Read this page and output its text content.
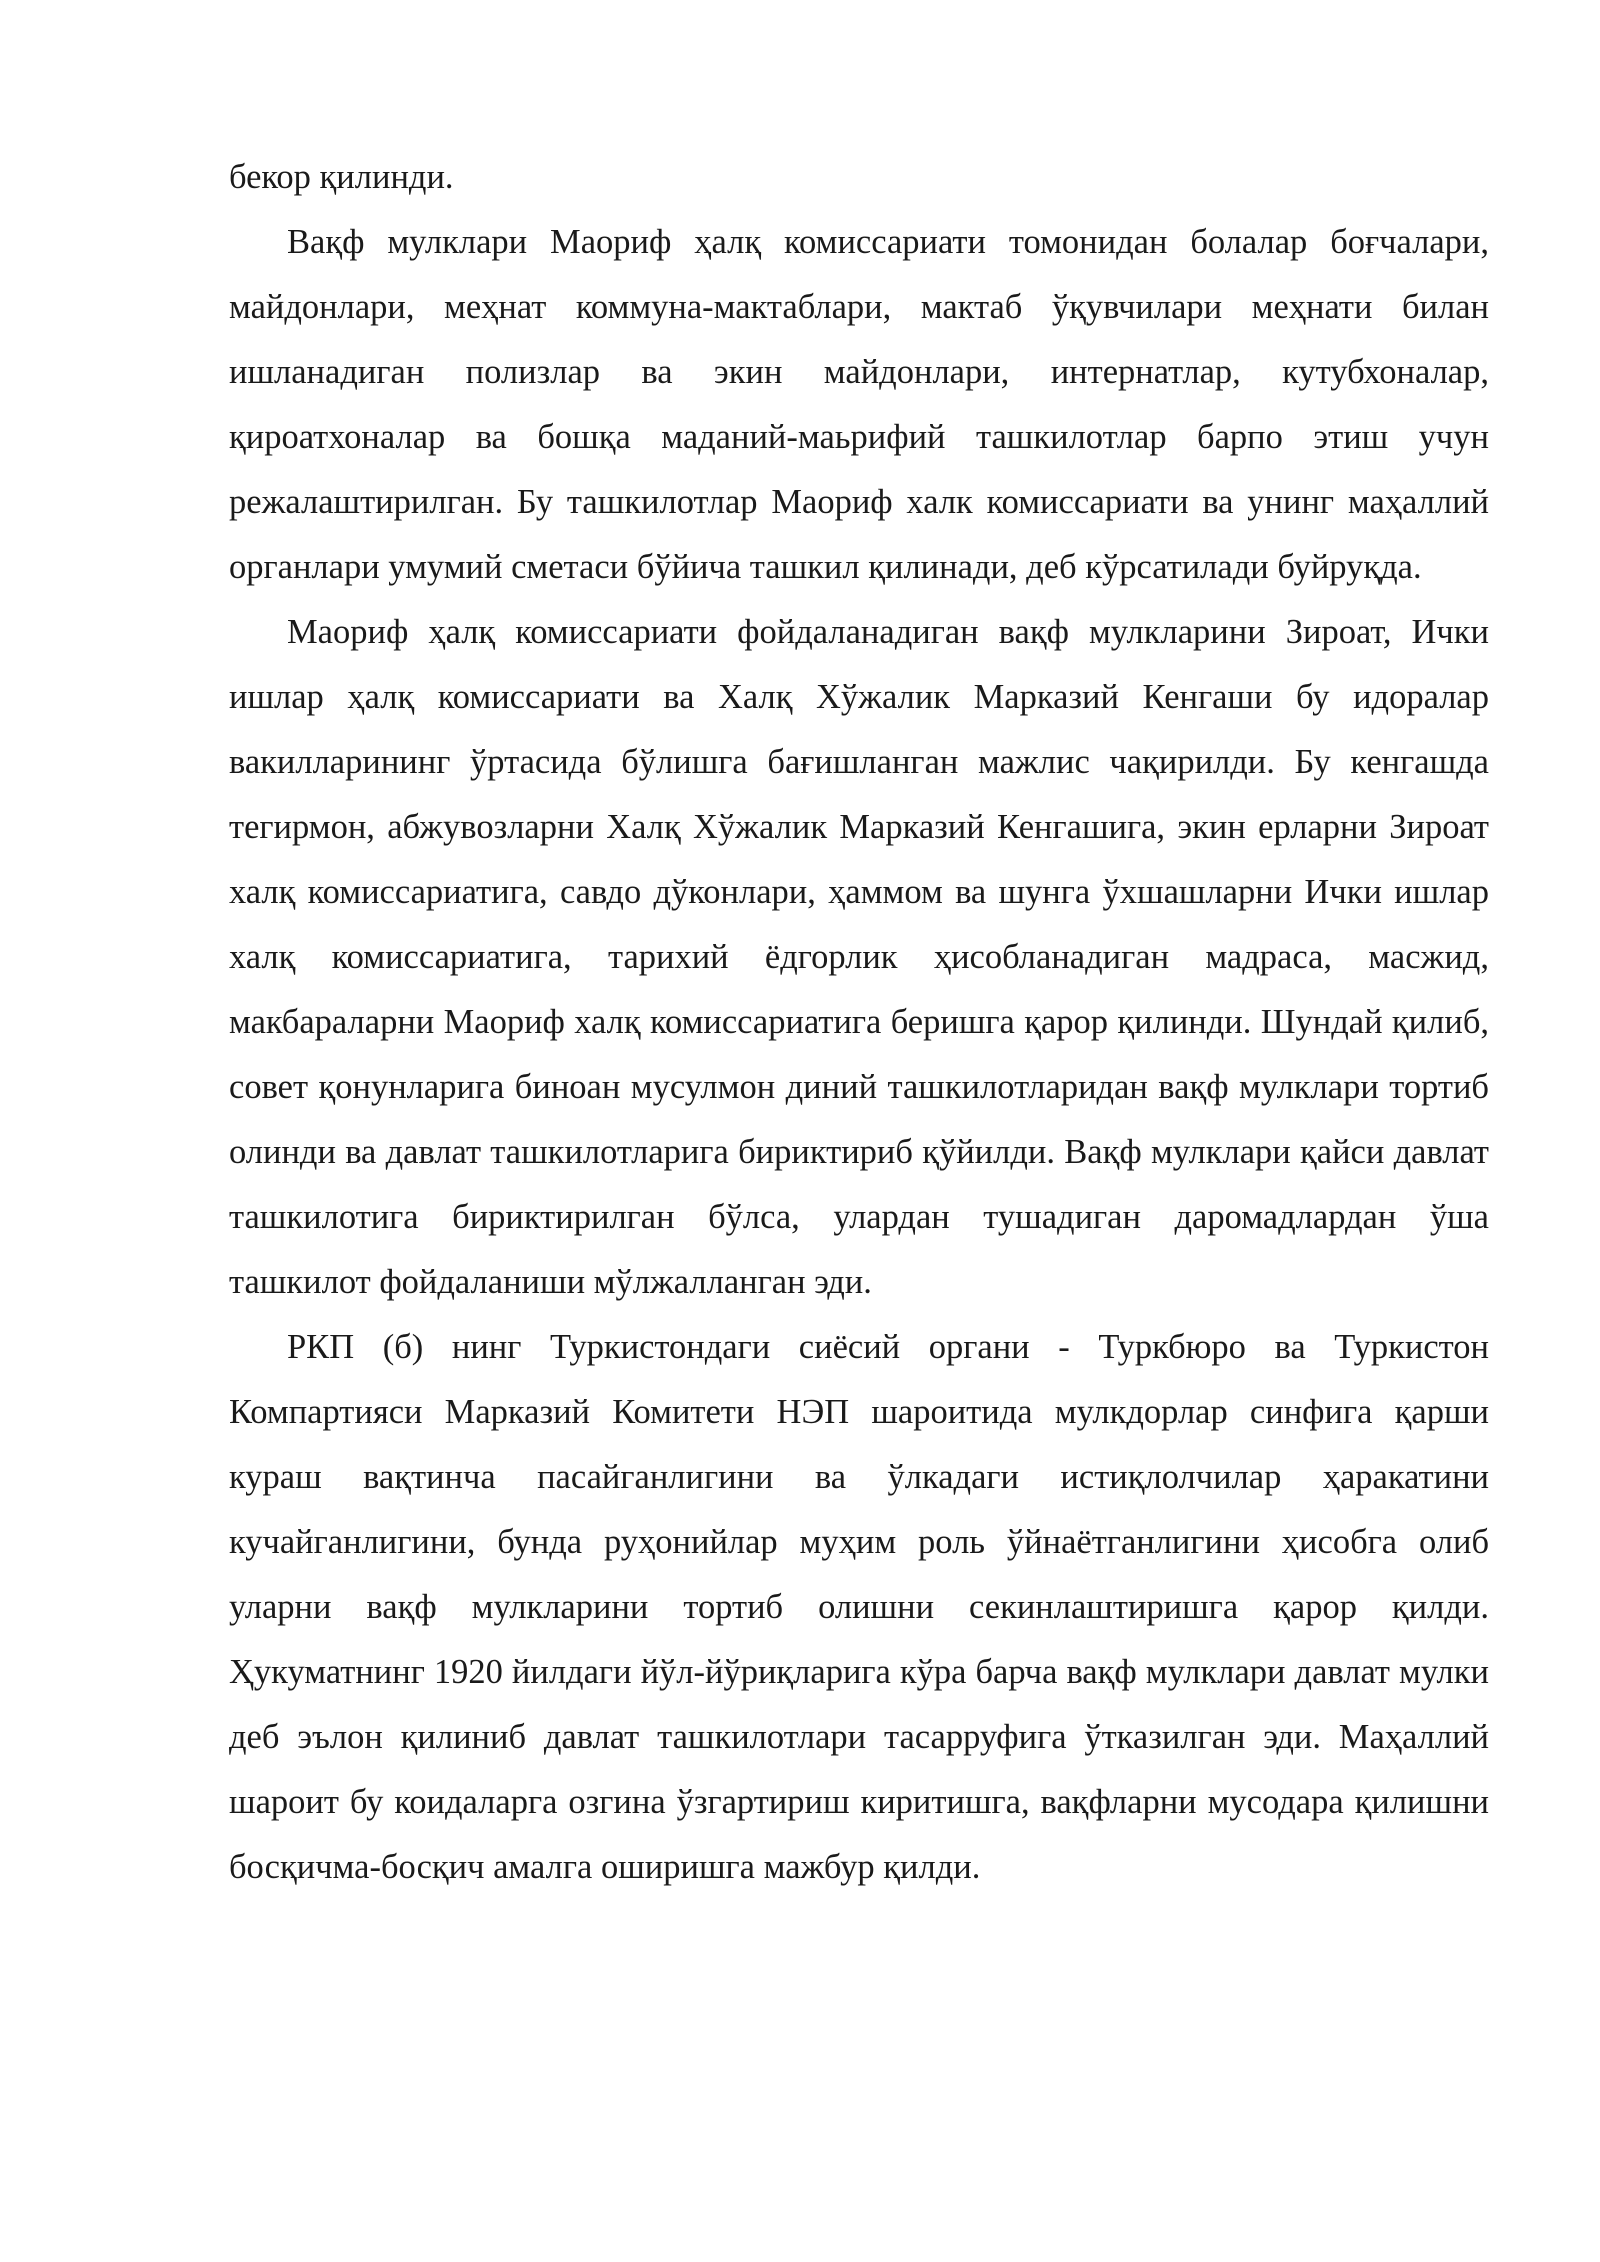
бекор қилинди.

Вақф мулклари Маориф ҳалқ комиссариати томонидан болалар боғчалари, майдонлари, меҳнат коммуна-мактаблари, мактаб ўқувчилари меҳнати билан ишланадиган полизлар ва экин майдонлари, интернатлар, кутубхоналар, қироатхоналар ва бошқа маданий-маьрифий ташкилотлар барпо этиш учун режалаштирилган. Бу ташкилотлар Маориф халк комиссариати ва унинг маҳаллий органлари умумий сметаси бўйича ташкил қилинади, деб кўрсатилади буйруқда.

Маориф ҳалқ комиссариати фойдаланадиган вақф мулкларини Зироат, Ички ишлар ҳалқ комиссариати ва Халқ Хўжалик Марказий Кенгаши бу идоралар вакилларининг ўртасида бўлишга бағишланган мажлис чақирилди. Бу кенгашда тегирмон, абжувозларни Халқ Хўжалик Марказий Кенгашига, экин ерларни Зироат халқ комиссариатига, савдо дўконлари, ҳаммом ва шунга ўхшашларни Ички ишлар халқ комиссариатига, тарихий ёдгорлик ҳисобланадиган мадраса, масжид, макбараларни Маориф халқ комиссариатига беришга қарор қилинди. Шундай қилиб, совет қонунларига биноан мусулмон диний ташкилотларидан вақф мулклари тортиб олинди ва давлат ташкилотларига бириктириб қўйилди. Вақф мулклари қайси давлат ташкилотига бириктирилган бўлса, улардан тушадиган даромадлардан ўша ташкилот фойдаланиши мўлжалланган эди.

РКП (б) нинг Туркистондаги сиёсий органи - Туркбюро ва Туркистон Компартияси Марказий Комитети НЭП шароитида мулкдорлар синфига қарши кураш вақтинча пасайганлигини ва ўлкадаги истиқлолчилар ҳаракатини кучайганлигини, бунда руҳонийлар муҳим роль ўйнаётганлигини ҳисобга олиб уларни вақф мулкларини тортиб олишни секинлаштиришга қарор қилди. Ҳукуматнинг 1920 йилдаги йўл-йўриқларига кўра барча вақф мулклари давлат мулки деб эълон қилиниб давлат ташкилотлари тасарруфига ўтказилган эди. Маҳаллий шароит бу коидаларга озгина ўзгартириш киритишга, вақфларни мусодара қилишни босқичма-босқич амалга оширишга мажбур қилди.
